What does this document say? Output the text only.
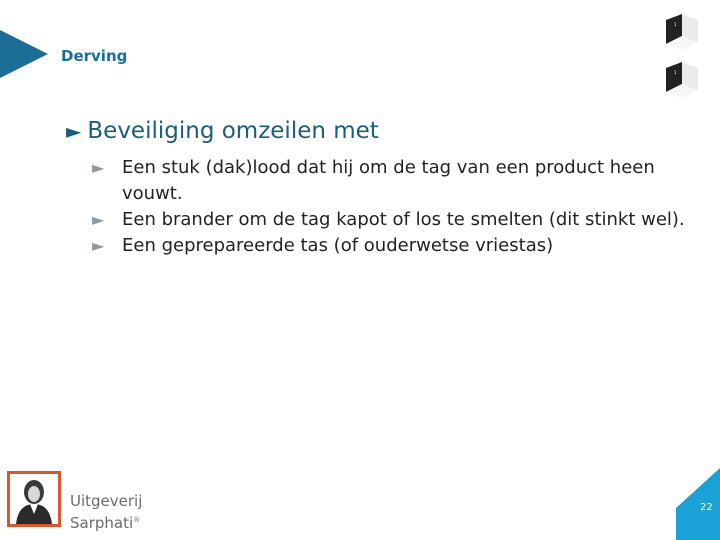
Derving
1
1
► Beveiliging omzeilen met
► Een stuk (dak)lood dat hij om de tag van een product heen vouwt.
► Een brander om de tag kapot of los te smelten (dit stinkt wel).
► Een geprepareerde tas (of ouderwetse vriestas)
Uitgeverij
Sarphati®
22
